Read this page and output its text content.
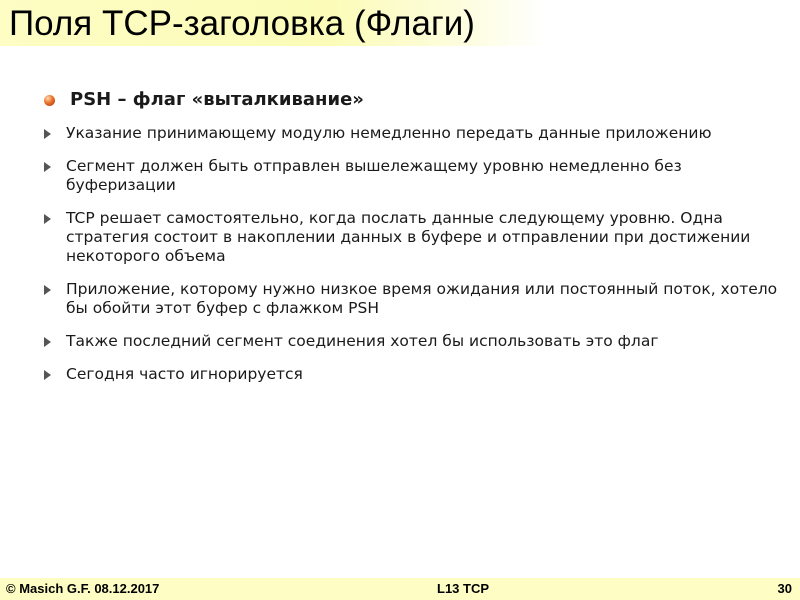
Поля TCP-заголовка (Флаги)
PSH – флаг «выталкивание»
Указание принимающему модулю немедленно передать данные приложению
Сегмент должен быть отправлен вышележащему уровню немедленно без буферизации
TCP решает самостоятельно, когда послать данные следующему уровню. Одна стратегия состоит в накоплении данных в буфере и отправлении при достижении некоторого объема
Приложение, которому нужно низкое время ожидания или постоянный поток, хотело бы обойти этот буфер с флажком PSH
Также последний сегмент соединения хотел бы использовать это флаг
Сегодня часто игнорируется
© Masich G.F. 08.12.2017	L13 TCP	30
